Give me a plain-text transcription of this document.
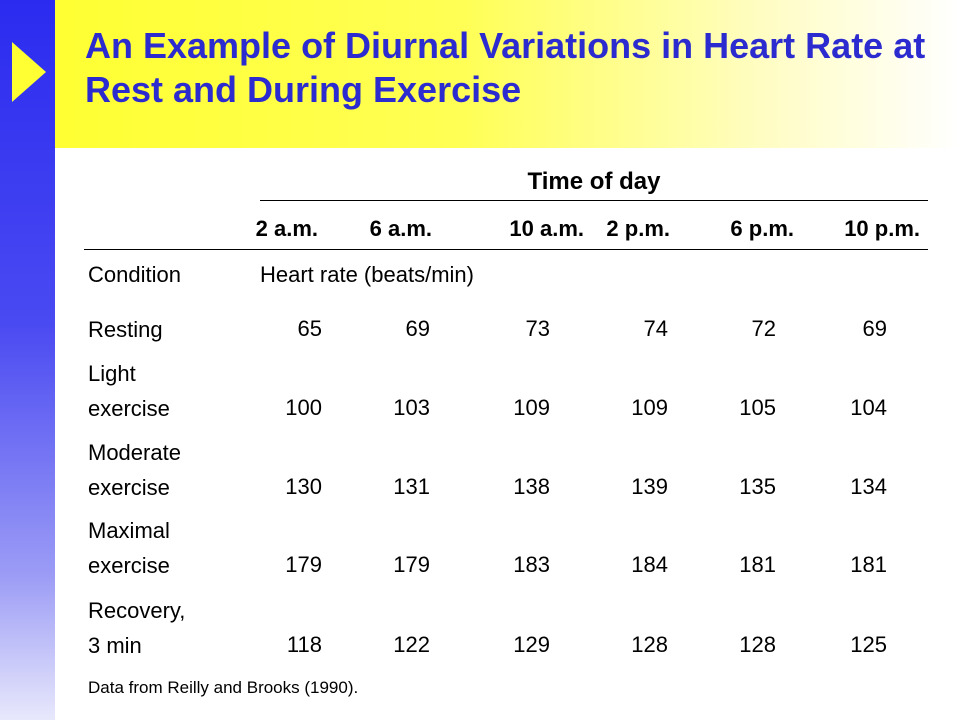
An Example of Diurnal Variations in Heart Rate at Rest and During Exercise
Time of day
2 a.m.	6 a.m.	10 a.m.	2 p.m.	6 p.m.	10 p.m.
Condition	Heart rate (beats/min)
Resting	65	69	73	74	72	69
Light
exercise	100	103	109	109	105	104
Moderate
exercise	130	131	138	139	135	134
Maximal
exercise	179	179	183	184	181	181
Recovery,
3 min	118	122	129	128	128	125
Data from Reilly and Brooks (1990).
